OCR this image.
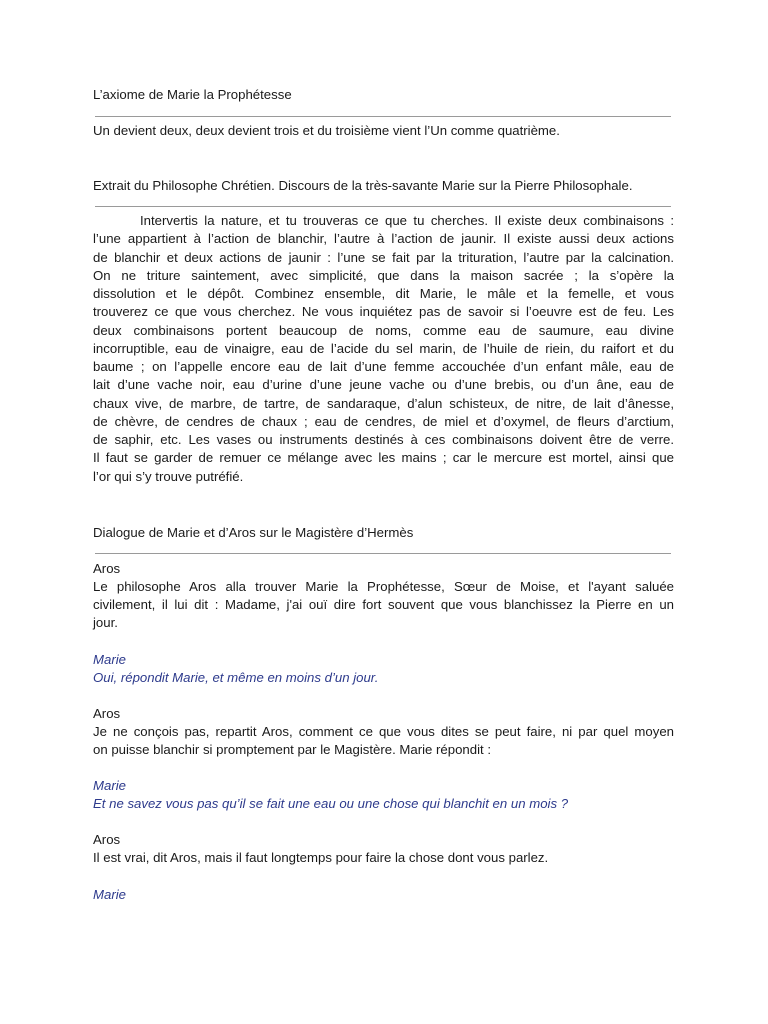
L’axiome de Marie la Prophétesse

Un devient deux, deux devient trois et du troisième vient l’Un comme quatrième.

Extrait du Philosophe Chrétien. Discours de la très-savante Marie sur la Pierre Philosophale.

Intervertis la nature, et tu trouveras ce que tu cherches. Il existe deux combinaisons :
l’une appartient à l’action de blanchir, l’autre à l’action de jaunir. Il existe aussi deux actions
de blanchir et deux actions de jaunir : l’une se fait par la trituration, l’autre par la calcination.
On ne triture saintement, avec simplicité, que dans la maison sacrée ; la s’opère la
dissolution et le dépôt. Combinez ensemble, dit Marie, le mâle et la femelle, et vous
trouverez ce que vous cherchez. Ne vous inquiétez pas de savoir si l’oeuvre est de feu. Les
deux combinaisons portent beaucoup de noms, comme eau de saumure, eau divine
incorruptible, eau de vinaigre, eau de l’acide du sel marin, de l’huile de riein, du raifort et du
baume ; on l’appelle encore eau de lait d’une femme accouchée d’un enfant mâle, eau de
lait d’une vache noir, eau d’urine d’une jeune vache ou d’une brebis, ou d’un âne, eau de
chaux vive, de marbre, de tartre, de sandaraque, d’alun schisteux, de nitre, de lait d’ânesse,
de chèvre, de cendres de chaux ; eau de cendres, de miel et d’oxymel, de fleurs d’arctium,
de saphir, etc. Les vases ou instruments destinés à ces combinaisons doivent être de verre.
Il faut se garder de remuer ce mélange avec les mains ; car le mercure est mortel, ainsi que
l’or qui s’y trouve putréfié.

Dialogue de Marie et d’Aros sur le Magistère d’Hermès

Aros

Le philosophe Aros alla trouver Marie la Prophétesse, Sœur de Moise, et l'ayant saluée
civilement, il lui dit : Madame, j'ai ouï dire fort souvent que vous blanchissez la Pierre en un
jour.

Marie

Oui, répondit Marie, et même en moins d’un jour.

Aros

Je ne conçois pas, repartit Aros, comment ce que vous dites se peut faire, ni par quel moyen
on puisse blanchir si promptement par le Magistère. Marie répondit :

Marie

Et ne savez vous pas qu’il se fait une eau ou une chose qui blanchit en un mois ?

Aros

Il est vrai, dit Aros, mais il faut longtemps pour faire la chose dont vous parlez.

Marie
